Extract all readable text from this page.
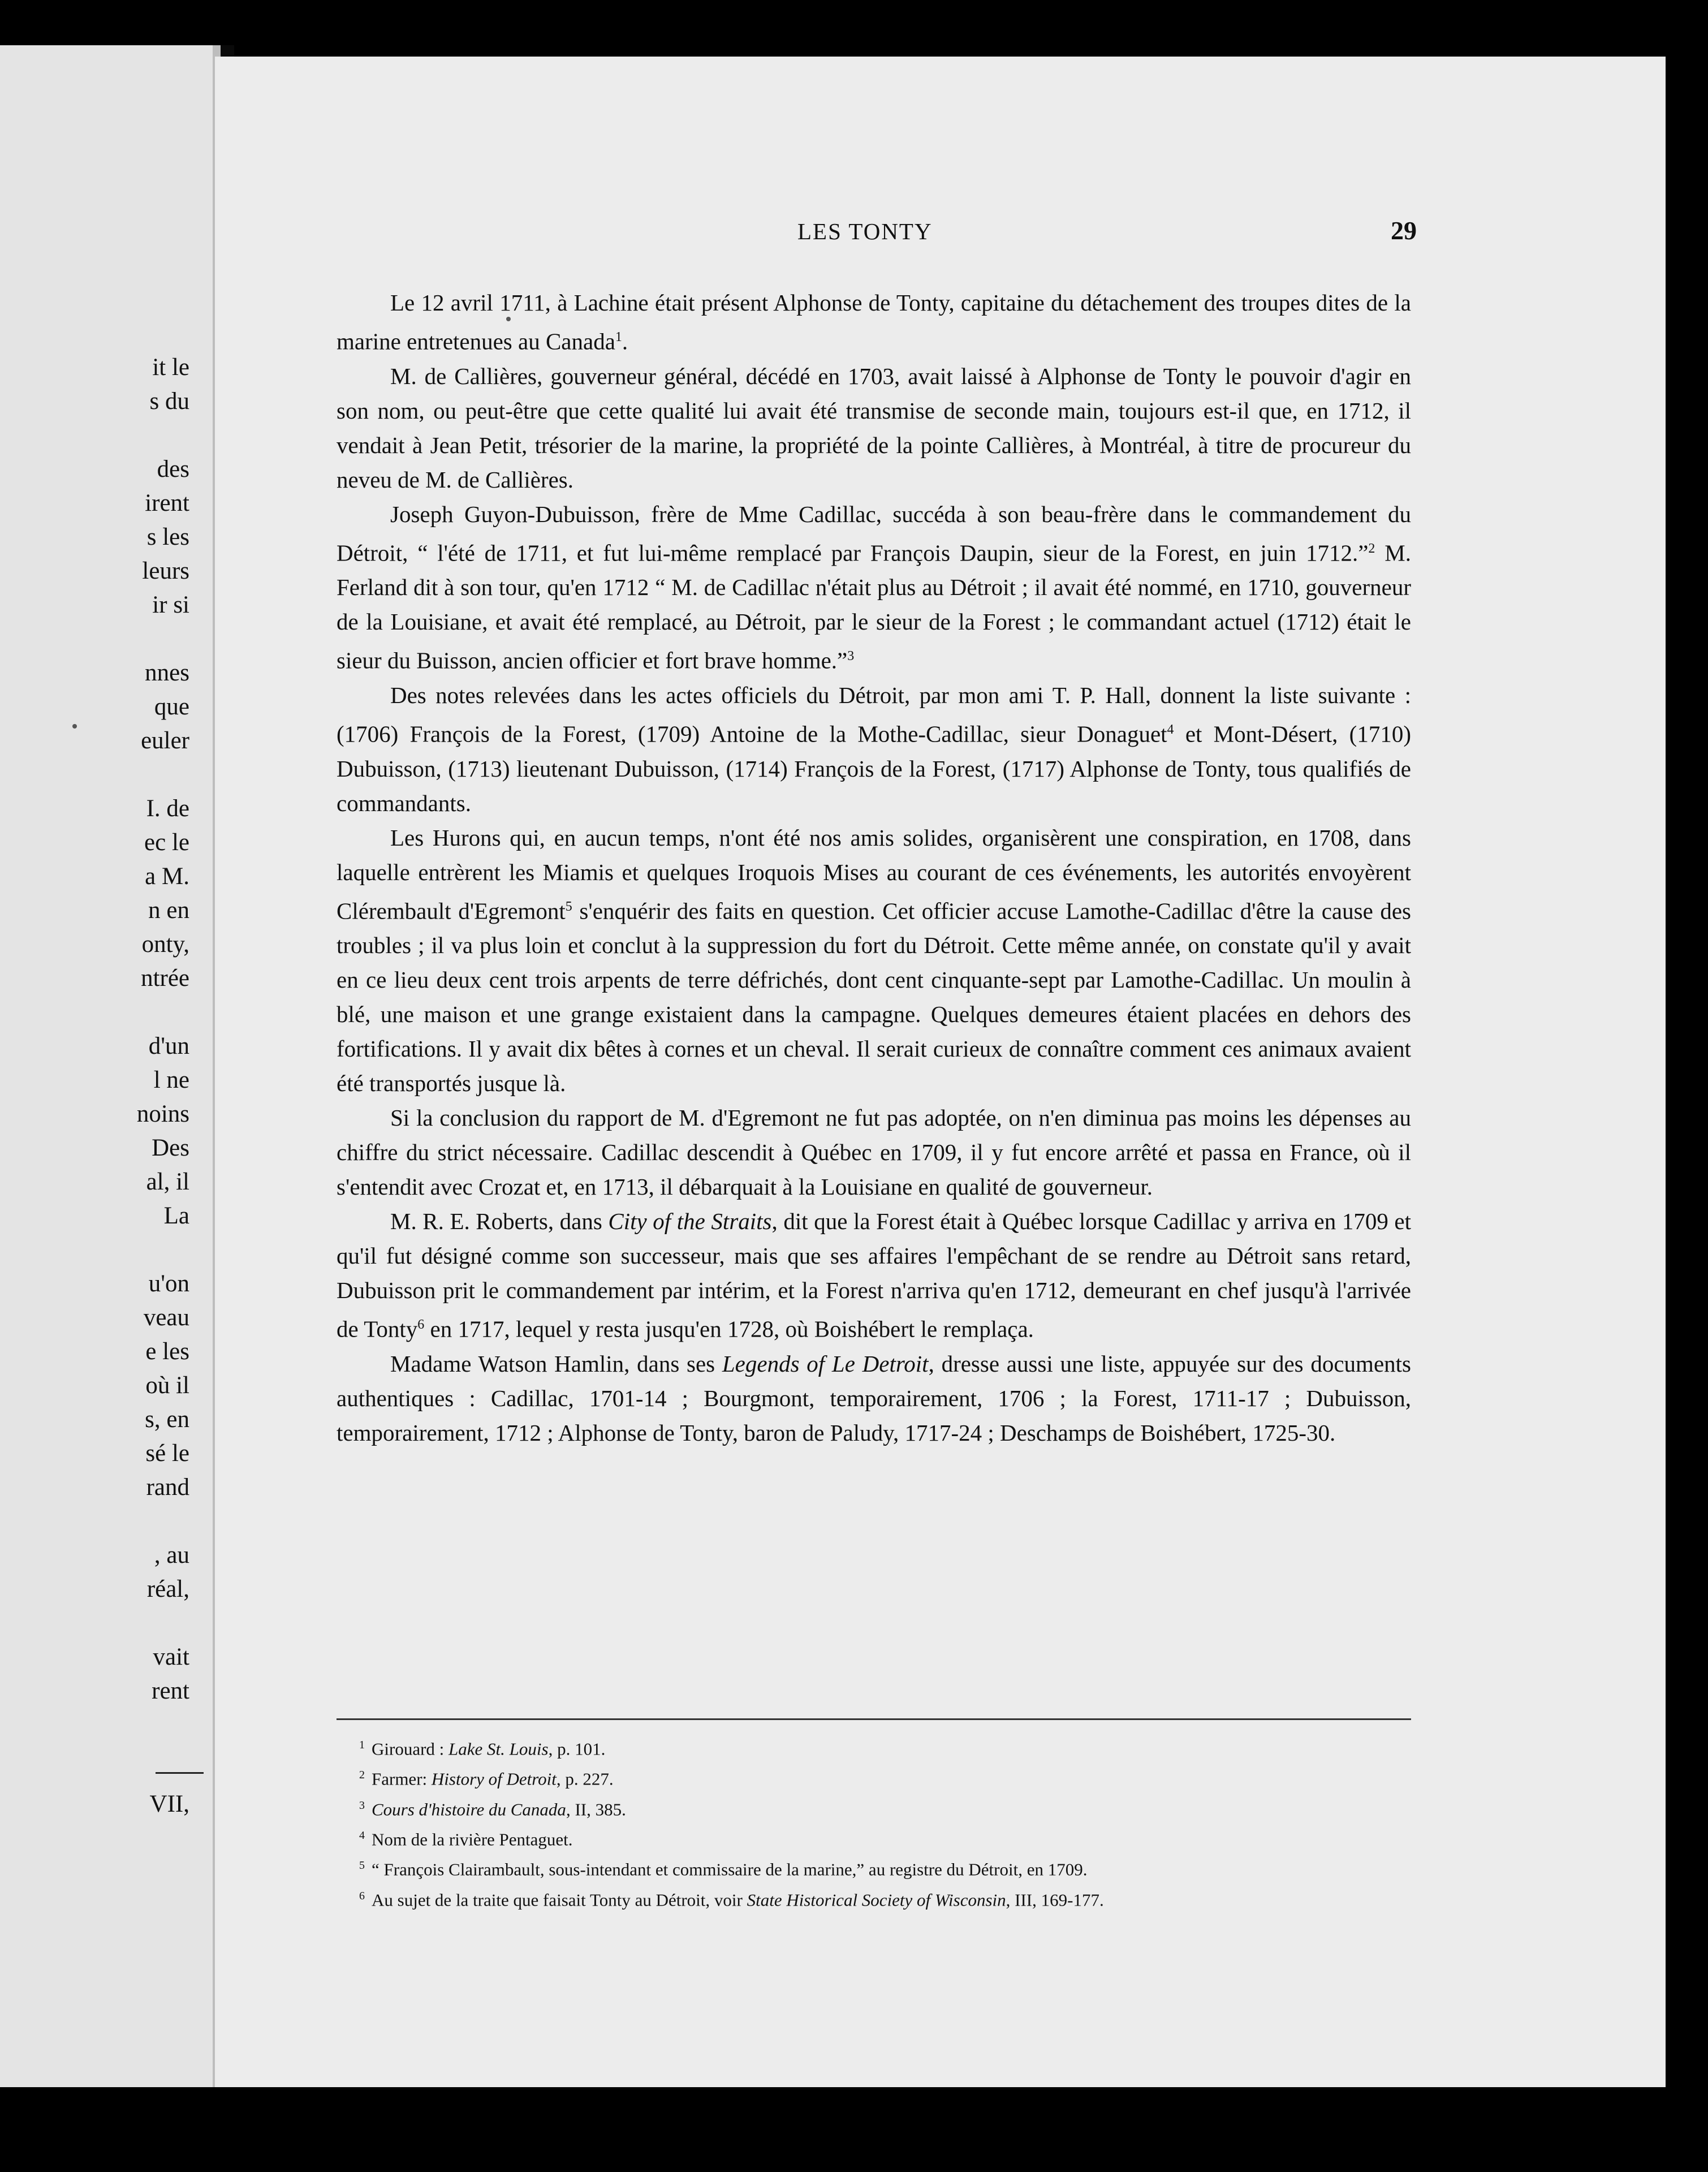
it le
s du
des
irent
s les
leurs
ir si
nnes
que
euler
I. de
ec le
a M.
n en
onty,
ntrée
d'un
l ne
noins
Des
al, il
La
u'on
veau
e les
où il
s, en
sé le
rand
, au
réal,
vait
rent
VII,
LES TONTY	29

Le 12 avril 1711, à Lachine était présent Alphonse de Tonty, capitaine du détachement des troupes dites de la marine entretenues au Canada$^1$.

M. de Callières, gouverneur général, décédé en 1703, avait laissé à Alphonse de Tonty le pouvoir d'agir en son nom, ou peut-être que cette qualité lui avait été transmise de seconde main, toujours est-il que, en 1712, il vendait à Jean Petit, trésorier de la marine, la propriété de la pointe Callières, à Montréal, à titre de procureur du neveu de M. de Callières.

Joseph Guyon-Dubuisson, frère de Mme Cadillac, succéda à son beau-frère dans le commandement du Détroit, “ l'été de 1711, et fut lui-même remplacé par François Daupin, sieur de la Forest, en juin 1712.”$^2$ M. Ferland dit à son tour, qu'en 1712 “ M. de Cadillac n'était plus au Détroit ; il avait été nommé, en 1710, gouverneur de la Louisiane, et avait été remplacé, au Détroit, par le sieur de la Forest ; le commandant actuel (1712) était le sieur du Buisson, ancien officier et fort brave homme.”$^3$

Des notes relevées dans les actes officiels du Détroit, par mon ami T. P. Hall, donnent la liste suivante : (1706) François de la Forest, (1709) Antoine de la Mothe-Cadillac, sieur Donaguet$^4$ et Mont-Désert, (1710) Dubuisson, (1713) lieutenant Dubuisson, (1714) François de la Forest, (1717) Alphonse de Tonty, tous qualifiés de commandants.

Les Hurons qui, en aucun temps, n'ont été nos amis solides, organisèrent une conspiration, en 1708, dans laquelle entrèrent les Miamis et quelques Iroquois Mises au courant de ces événements, les autorités envoyèrent Clérembault d'Egremont$^5$ s'enquérir des faits en question. Cet officier accuse Lamothe-Cadillac d'être la cause des troubles ; il va plus loin et conclut à la suppression du fort du Détroit. Cette même année, on constate qu'il y avait en ce lieu deux cent trois arpents de terre défrichés, dont cent cinquante-sept par Lamothe-Cadillac. Un moulin à blé, une maison et une grange existaient dans la campagne. Quelques demeures étaient placées en dehors des fortifications. Il y avait dix bêtes à cornes et un cheval. Il serait curieux de connaître comment ces animaux avaient été transportés jusque là.

Si la conclusion du rapport de M. d'Egremont ne fut pas adoptée, on n'en diminua pas moins les dépenses au chiffre du strict nécessaire. Cadillac descendit à Québec en 1709, il y fut encore arrêté et passa en France, où il s'entendit avec Crozat et, en 1713, il débarquait à la Louisiane en qualité de gouverneur.

M. R. E. Roberts, dans City of the Straits, dit que la Forest était à Québec lorsque Cadillac y arriva en 1709 et qu'il fut désigné comme son successeur, mais que ses affaires l'empêchant de se rendre au Détroit sans retard, Dubuisson prit le commandement par intérim, et la Forest n'arriva qu'en 1712, demeurant en chef jusqu'à l'arrivée de Tonty$^6$ en 1717, lequel y resta jusqu'en 1728, où Boishébert le remplaça.

Madame Watson Hamlin, dans ses Legends of Le Detroit, dresse aussi une liste, appuyée sur des documents authentiques : Cadillac, 1701-14 ; Bourgmont, temporairement, 1706 ; la Forest, 1711-17 ; Dubuisson, temporairement, 1712 ; Alphonse de Tonty, baron de Paludy, 1717-24 ; Deschamps de Boishébert, 1725-30.

$^1$ Girouard : Lake St. Louis, p. 101.
$^2$ Farmer: History of Detroit, p. 227.
$^3$ Cours d'histoire du Canada, II, 385.
$^4$ Nom de la rivière Pentaguet.
$^5$ “ François Clairambault, sous-intendant et commissaire de la marine,” au registre du Détroit, en 1709.
$^6$ Au sujet de la traite que faisait Tonty au Détroit, voir State Historical Society of Wisconsin, III, 169-177.
